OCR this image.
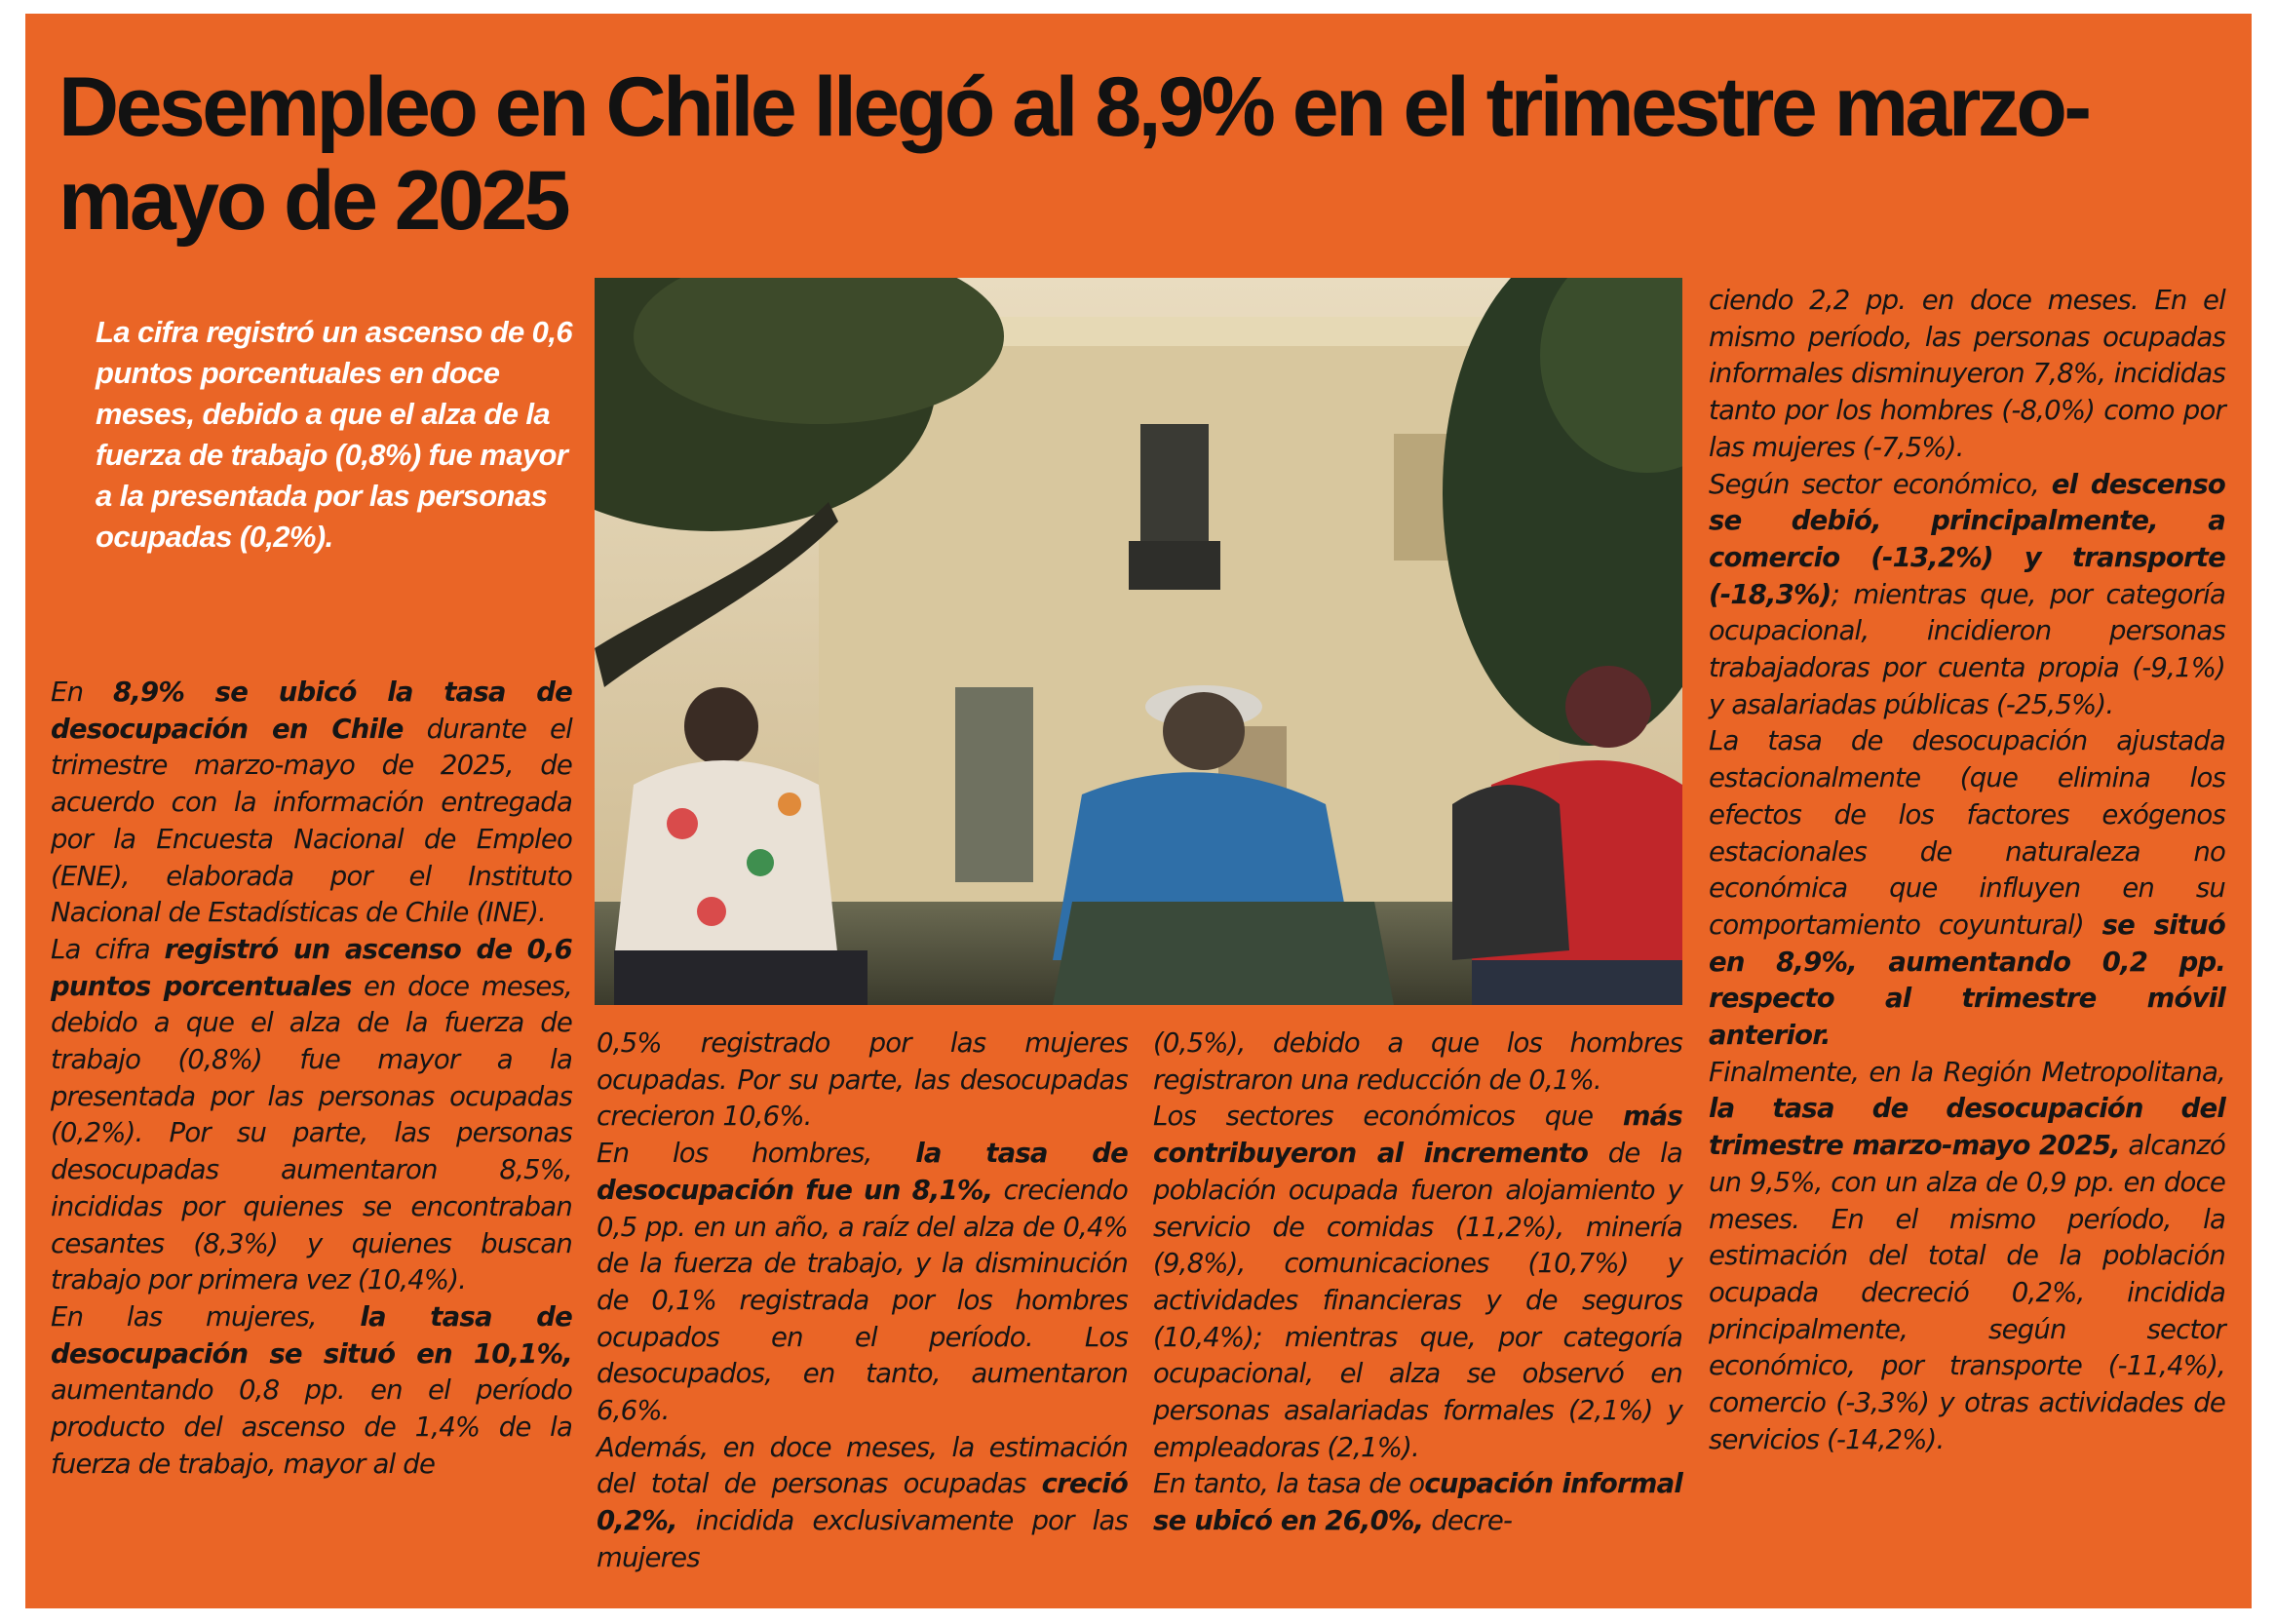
Desempleo en Chile llegó al 8,9% en el trimestre marzo-mayo de 2025

La cifra registró un ascenso de 0,6 puntos porcentuales en doce meses, debido a que el alza de la fuerza de trabajo (0,8%) fue mayor a la presentada por las personas ocupadas (0,2%).

En 8,9% se ubicó la tasa de desocupación en Chile durante el trimestre marzo-mayo de 2025, de acuerdo con la información entregada por la Encuesta Nacional de Empleo (ENE), elaborada por el Instituto Nacional de Estadísticas de Chile (INE).

La cifra registró un ascenso de 0,6 puntos porcentuales en doce meses, debido a que el alza de la fuerza de trabajo (0,8%) fue mayor a la presentada por las personas ocupadas (0,2%). Por su parte, las personas desocupadas aumentaron 8,5%, incididas por quienes se encontraban cesantes (8,3%) y quienes buscan trabajo por primera vez (10,4%).

En las mujeres, la tasa de desocupación se situó en 10,1%, aumentando 0,8 pp. en el período producto del ascenso de 1,4% de la fuerza de trabajo, mayor al de

0,5% registrado por las mujeres ocupadas. Por su parte, las desocupadas crecieron 10,6%.

En los hombres, la tasa de desocupación fue un 8,1%, creciendo 0,5 pp. en un año, a raíz del alza de 0,4% de la fuerza de trabajo, y la disminución de 0,1% registrada por los hombres ocupados en el período. Los desocupados, en tanto, aumentaron 6,6%.

Además, en doce meses, la estimación del total de personas ocupadas creció 0,2%, incidida exclusivamente por las mujeres

(0,5%), debido a que los hombres registraron una reducción de 0,1%.

Los sectores económicos que más contribuyeron al incremento de la población ocupada fueron alojamiento y servicio de comidas (11,2%), minería (9,8%), comunicaciones (10,7%) y actividades financieras y de seguros (10,4%); mientras que, por categoría ocupacional, el alza se observó en personas asalariadas formales (2,1%) y empleadoras (2,1%).

En tanto, la tasa de ocupación informal se ubicó en 26,0%, decre-

ciendo 2,2 pp. en doce meses. En el mismo período, las personas ocupadas informales disminuyeron 7,8%, incididas tanto por los hombres (-8,0%) como por las mujeres (-7,5%).

Según sector económico, el descenso se debió, principalmente, a comercio (-13,2%) y transporte (-18,3%); mientras que, por categoría ocupacional, incidieron personas trabajadoras por cuenta propia (-9,1%) y asalariadas públicas (-25,5%).

La tasa de desocupación ajustada estacionalmente (que elimina los efectos de los factores exógenos estacionales de naturaleza no económica que influyen en su comportamiento coyuntural) se situó en 8,9%, aumentando 0,2 pp. respecto al trimestre móvil anterior.

Finalmente, en la Región Metropolitana, la tasa de desocupación del trimestre marzo-mayo 2025, alcanzó un 9,5%, con un alza de 0,9 pp. en doce meses. En el mismo período, la estimación del total de la población ocupada decreció 0,2%, incidida principalmente, según sector económico, por transporte (-11,4%), comercio (-3,3%) y otras actividades de servicios (-14,2%).
